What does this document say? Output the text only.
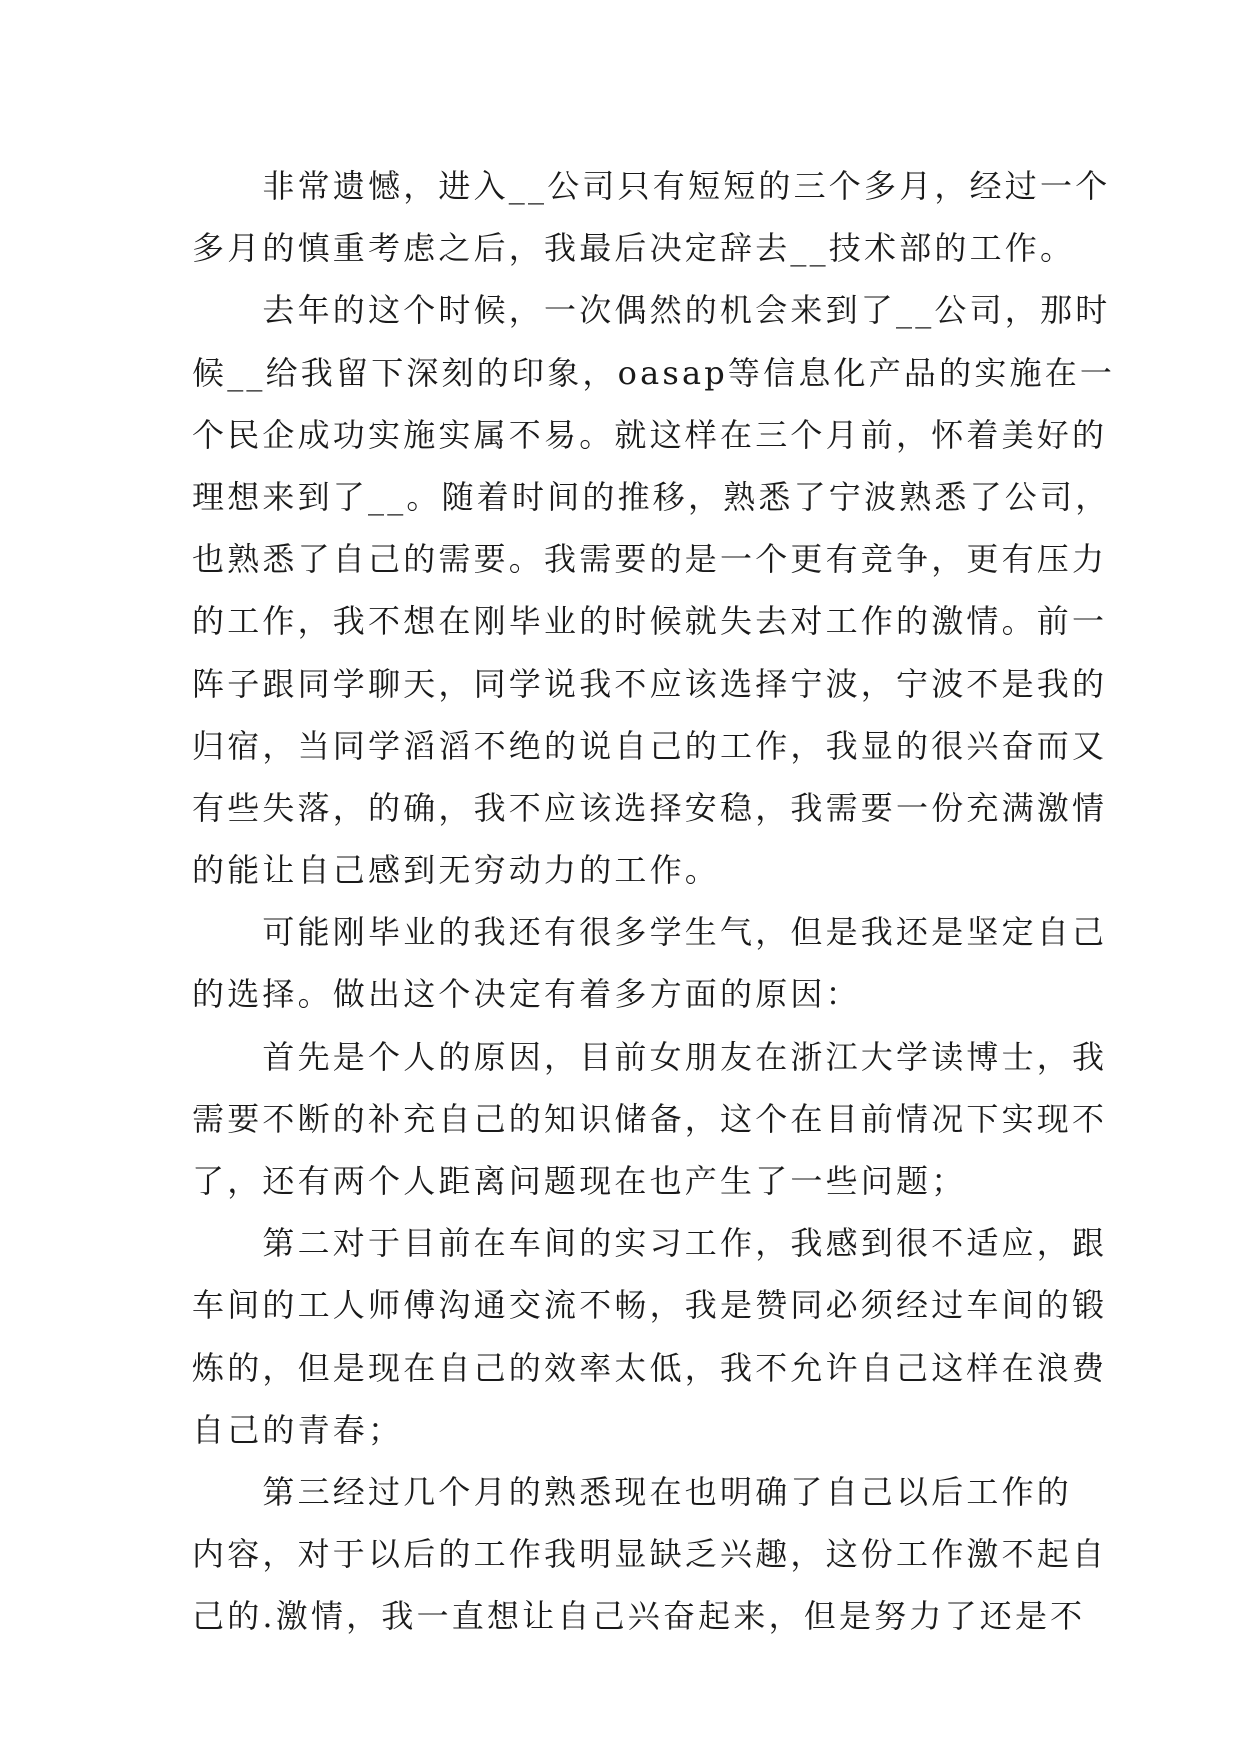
　　非常遗憾，进入__公司只有短短的三个多月，经过一个
多月的慎重考虑之后，我最后决定辞去__技术部的工作。
　　去年的这个时候，一次偶然的机会来到了__公司，那时
候__给我留下深刻的印象，oasap等信息化产品的实施在一
个民企成功实施实属不易。就这样在三个月前，怀着美好的
理想来到了__。随着时间的推移，熟悉了宁波熟悉了公司，
也熟悉了自己的需要。我需要的是一个更有竞争，更有压力
的工作，我不想在刚毕业的时候就失去对工作的激情。前一
阵子跟同学聊天，同学说我不应该选择宁波，宁波不是我的
归宿，当同学滔滔不绝的说自己的工作，我显的很兴奋而又
有些失落，的确，我不应该选择安稳，我需要一份充满激情
的能让自己感到无穷动力的工作。
　　可能刚毕业的我还有很多学生气，但是我还是坚定自己
的选择。做出这个决定有着多方面的原因：
　　首先是个人的原因，目前女朋友在浙江大学读博士，我
需要不断的补充自己的知识储备，这个在目前情况下实现不
了，还有两个人距离问题现在也产生了一些问题；
　　第二对于目前在车间的实习工作，我感到很不适应，跟
车间的工人师傅沟通交流不畅，我是赞同必须经过车间的锻
炼的，但是现在自己的效率太低，我不允许自己这样在浪费
自己的青春；
　　第三经过几个月的熟悉现在也明确了自己以后工作的
内容，对于以后的工作我明显缺乏兴趣，这份工作激不起自
己的.激情，我一直想让自己兴奋起来，但是努力了还是不
